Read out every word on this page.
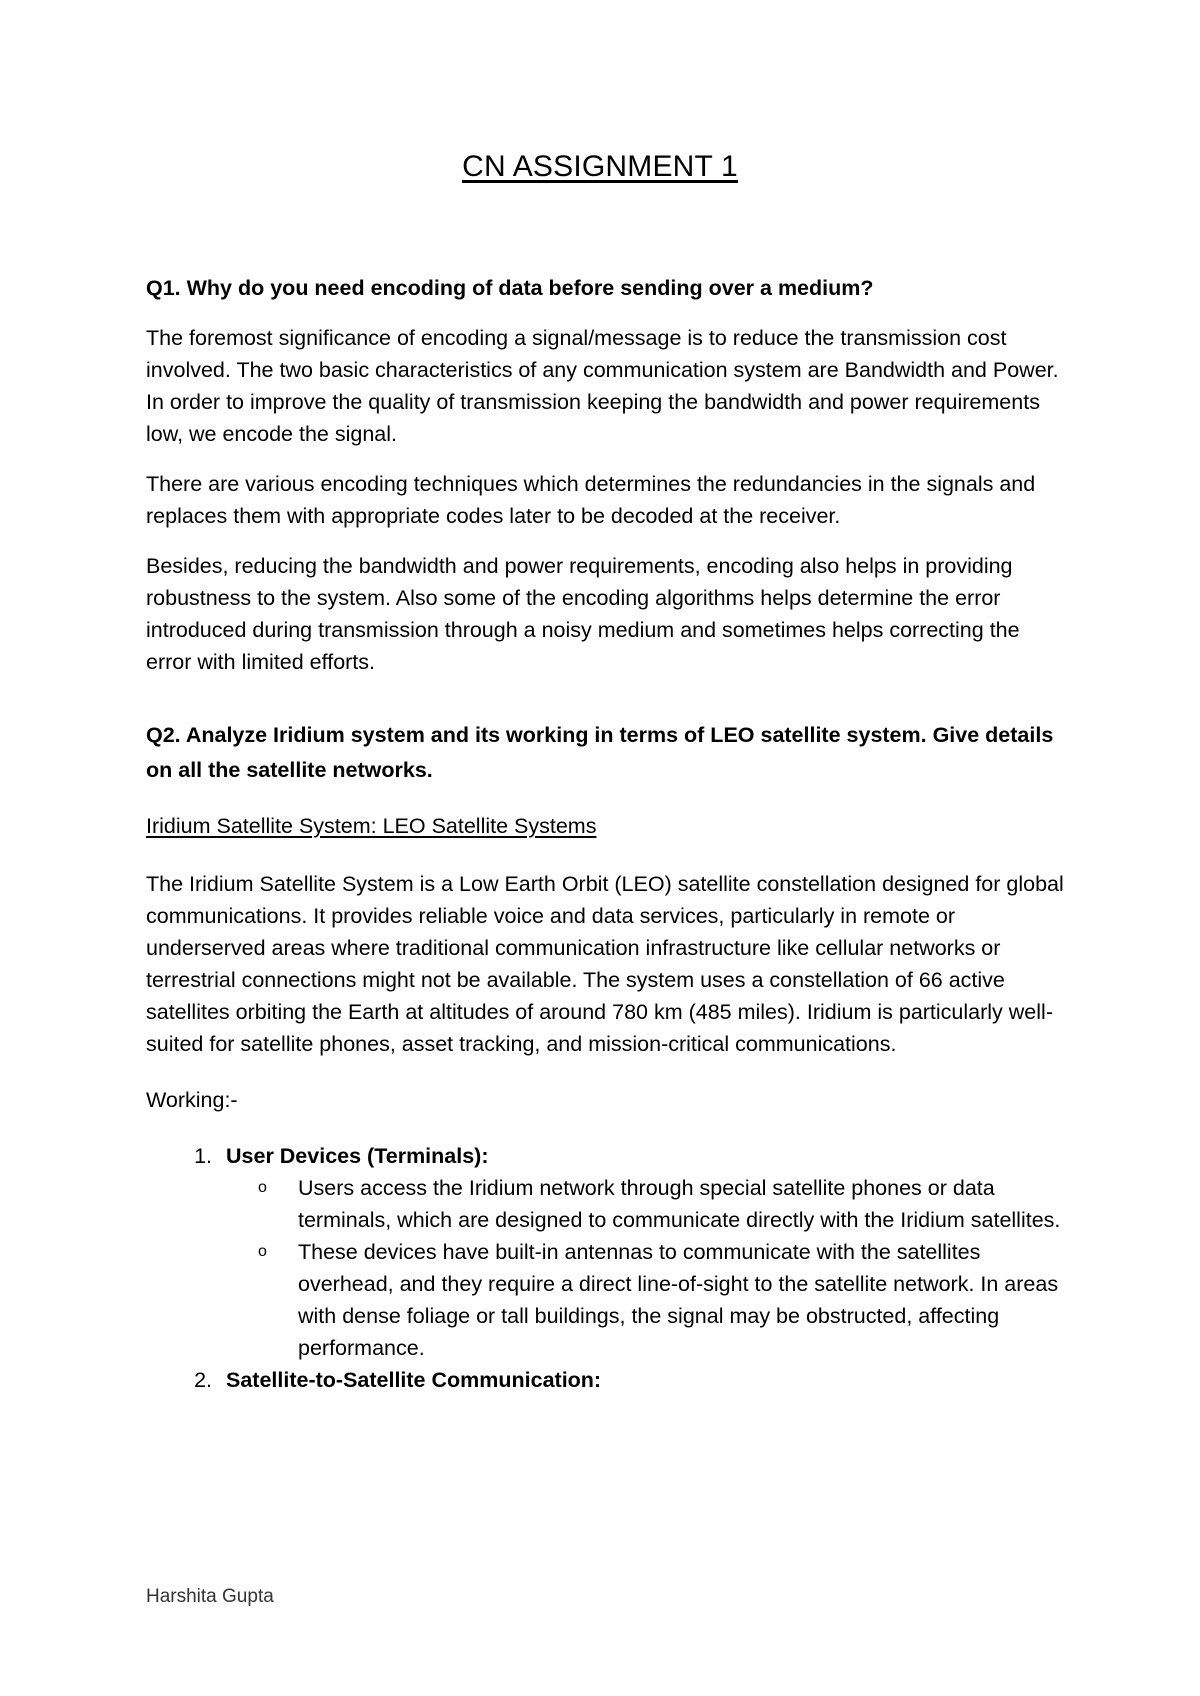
CN ASSIGNMENT 1

Q1. Why do you need encoding of data before sending over a medium?

The foremost significance of encoding a signal/message is to reduce the transmission cost involved. The two basic characteristics of any communication system are Bandwidth and Power. In order to improve the quality of transmission keeping the bandwidth and power requirements low, we encode the signal.

There are various encoding techniques which determines the redundancies in the signals and replaces them with appropriate codes later to be decoded at the receiver.

Besides, reducing the bandwidth and power requirements, encoding also helps in providing robustness to the system. Also some of the encoding algorithms helps determine the error introduced during transmission through a noisy medium and sometimes helps correcting the error with limited efforts.

Q2. Analyze Iridium system and its working in terms of LEO satellite system. Give details on all the satellite networks.

Iridium Satellite System: LEO Satellite Systems

The Iridium Satellite System is a Low Earth Orbit (LEO) satellite constellation designed for global communications. It provides reliable voice and data services, particularly in remote or underserved areas where traditional communication infrastructure like cellular networks or terrestrial connections might not be available. The system uses a constellation of 66 active satellites orbiting the Earth at altitudes of around 780 km (485 miles). Iridium is particularly well-suited for satellite phones, asset tracking, and mission-critical communications.

Working:-

1. User Devices (Terminals):
o Users access the Iridium network through special satellite phones or data terminals, which are designed to communicate directly with the Iridium satellites.
o These devices have built-in antennas to communicate with the satellites overhead, and they require a direct line-of-sight to the satellite network. In areas with dense foliage or tall buildings, the signal may be obstructed, affecting performance.
2. Satellite-to-Satellite Communication:
Harshita Gupta
